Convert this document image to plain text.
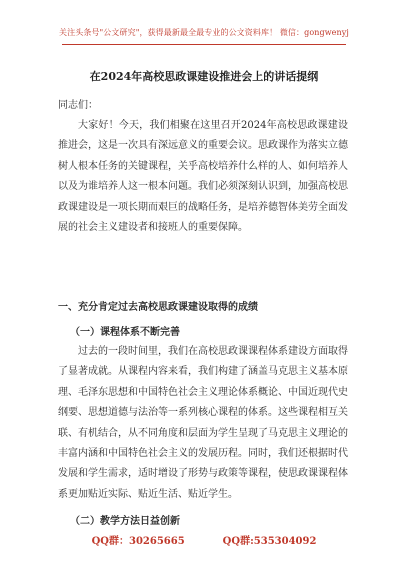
关注头条号"公文研究"，获得最新最全最专业的公文资料库！ 微信：gongwenyj
在2024年高校思政课建设推进会上的讲话提纲
同志们：
大家好！今天，我们相聚在这里召开2024年高校思政课建设推进会，这是一次具有深远意义的重要会议。思政课作为落实立德树人根本任务的关键课程，关乎高校培养什么样的人、如何培养人以及为谁培养人这一根本问题。我们必须深刻认识到，加强高校思政课建设是一项长期而艰巨的战略任务，是培养德智体美劳全面发展的社会主义建设者和接班人的重要保障。
一、充分肯定过去高校思政课建设取得的成绩
（一）课程体系不断完善
过去的一段时间里，我们在高校思政课课程体系建设方面取得了显著成就。从课程内容来看，我们构建了涵盖马克思主义基本原理、毛泽东思想和中国特色社会主义理论体系概论、中国近现代史纲要、思想道德与法治等一系列核心课程的体系。这些课程相互关联、有机结合，从不同角度和层面为学生呈现了马克思主义理论的丰富内涵和中国特色社会主义的发展历程。同时，我们还根据时代发展和学生需求，适时增设了形势与政策等课程，使思政课课程体系更加贴近实际、贴近生活、贴近学生。
（二）教学方法日益创新
QQ群：30265665	QQ群:535304092
